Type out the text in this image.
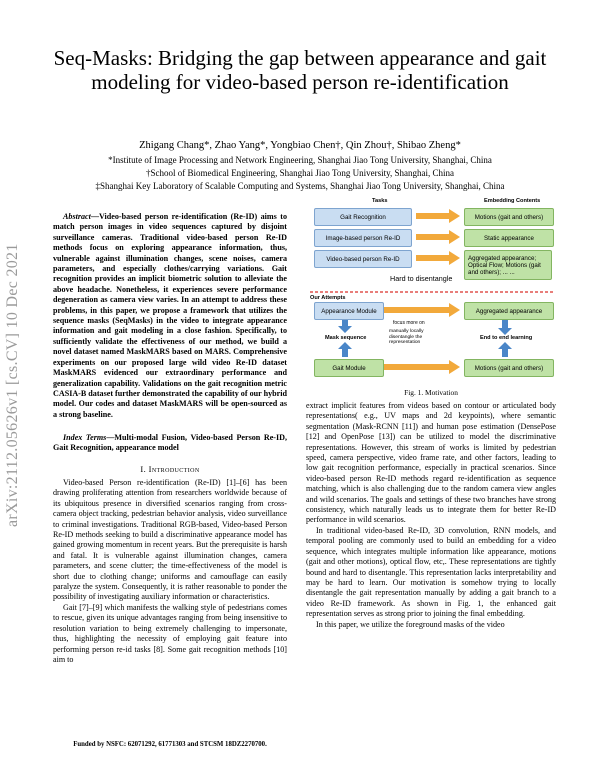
Seq-Masks: Bridging the gap between appearance and gait modeling for video-based person re-identification
Zhigang Chang*, Zhao Yang*, Yongbiao Chen†, Qin Zhou†, Shibao Zheng*
*Institute of Image Processing and Network Engineering, Shanghai Jiao Tong University, Shanghai, China
†School of Biomedical Engineering, Shanghai Jiao Tong University, Shanghai, China
‡Shanghai Key Laboratory of Scalable Computing and Systems, Shanghai Jiao Tong University, Shanghai, China
arXiv:2112.05626v1 [cs.CV] 10 Dec 2021

Abstract—Video-based person re-identification (Re-ID) aims to match person images in video sequences captured by disjoint surveillance cameras. Traditional video-based person Re-ID methods focus on exploring appearance information, thus, vulnerable against illumination changes, scene noises, camera parameters, and especially clothes/carrying variations. Gait recognition provides an implicit biometric solution to alleviate the above headache. Nonetheless, it experiences severe performance degeneration as camera view varies. In an attempt to address these problems, in this paper, we propose a framework that utilizes the sequence masks (SeqMasks) in the video to integrate appearance information and gait modeling in a close fashion. Specifically, to sufficiently validate the effectiveness of our method, we build a novel dataset named MaskMARS based on MARS. Comprehensive experiments on our proposed large wild video Re-ID dataset MaskMARS evidenced our extraordinary performance and generalization capability. Validations on the gait recognition metric CASIA-B dataset further demonstrated the capability of our hybrid model. Our codes and dataset MaskMARS will be open-sourced as a strong baseline.

Index Terms—Multi-modal Fusion, Video-based Person Re-ID, Gait Recognition, appearance model

I. Introduction

Video-based Person re-identification (Re-ID) [1]–[6] has been drawing proliferating attention from researchers worldwide because of its ubiquitous presence in diversified scenarios ranging from cross-camera object tracking, pedestrian behavior analysis, video surveillance to criminal investigations. Traditional RGB-based, Video-based Person Re-ID methods seeking to build a discriminative appearance model has gained growing momentum in recent years. But the prerequisite is harsh and fatal. It is vulnerable against illumination changes, camera parameters, and scene clutter; the time-effectiveness of the model is short due to clothing change; uniforms and camouflage can easily paralyze the system. Consequently, it is rather reasonable to ponder the possibility of investigating auxiliary information or characteristics.

Gait [7]–[9] which manifests the walking style of pedestrians comes to rescue, given its unique advantages ranging from being insensitive to resolution variation to being extremely challenging to impersonate, thus, highlighting the necessity of employing gait feature into performing person re-id tasks [8]. Some gait recognition methods [10] aim to

Funded by NSFC: 62071292, 61771303 and STCSM 18DZ2270700.
Tasks	Embedding Contents
Gait Recognition
Image-based person Re-ID
Video-based person Re-ID
Motions (gait and others)
Static appearance
Aggregated appearance; Optical Flow; Motions (gait and others); ... ...
Hard to disentangle
Our Attempts
Appearance Module	Aggregated appearance
focus more on
Mask sequence
manually locally disentangle the representation
End to end learning
Gait Module	Motions (gait and others)
Fig. 1. Motivation

extract implicit features from videos based on contour or articulated body representations( e.g., UV maps and 2d keypoints), where semantic segmentation (Mask-RCNN [11]) and human pose estimation (DensePose [12] and OpenPose [13]) can be utilized to model the discriminative representations. However, this stream of works is limited by pedestrian speed, camera perspective, video frame rate, and other factors, leading to low gait recognition performance, especially in practical scenarios. Since video-based person Re-ID methods regard re-identification as sequence matching, which is also challenging due to the random camera view angles and wild scenarios. The goals and settings of these two branches have strong consistency, which naturally leads us to integrate them for better Re-ID performance in wild scenarios.

In traditional video-based Re-ID, 3D convolution, RNN models, and temporal pooling are commonly used to build an embedding for a video sequence, which integrates multiple information like appearance, motions (gait and other motions), optical flow, etc,. These representations are tightly bound and hard to disentangle. This representation lacks interpretability and may be hard to learn. Our motivation is somehow trying to locally disentangle the gait representation manually by adding a gait branch to a video Re-ID framework. As shown in Fig. 1, the enhanced gait representation serves as strong prior to joining the final embedding.

In this paper, we utilize the foreground masks of the video
